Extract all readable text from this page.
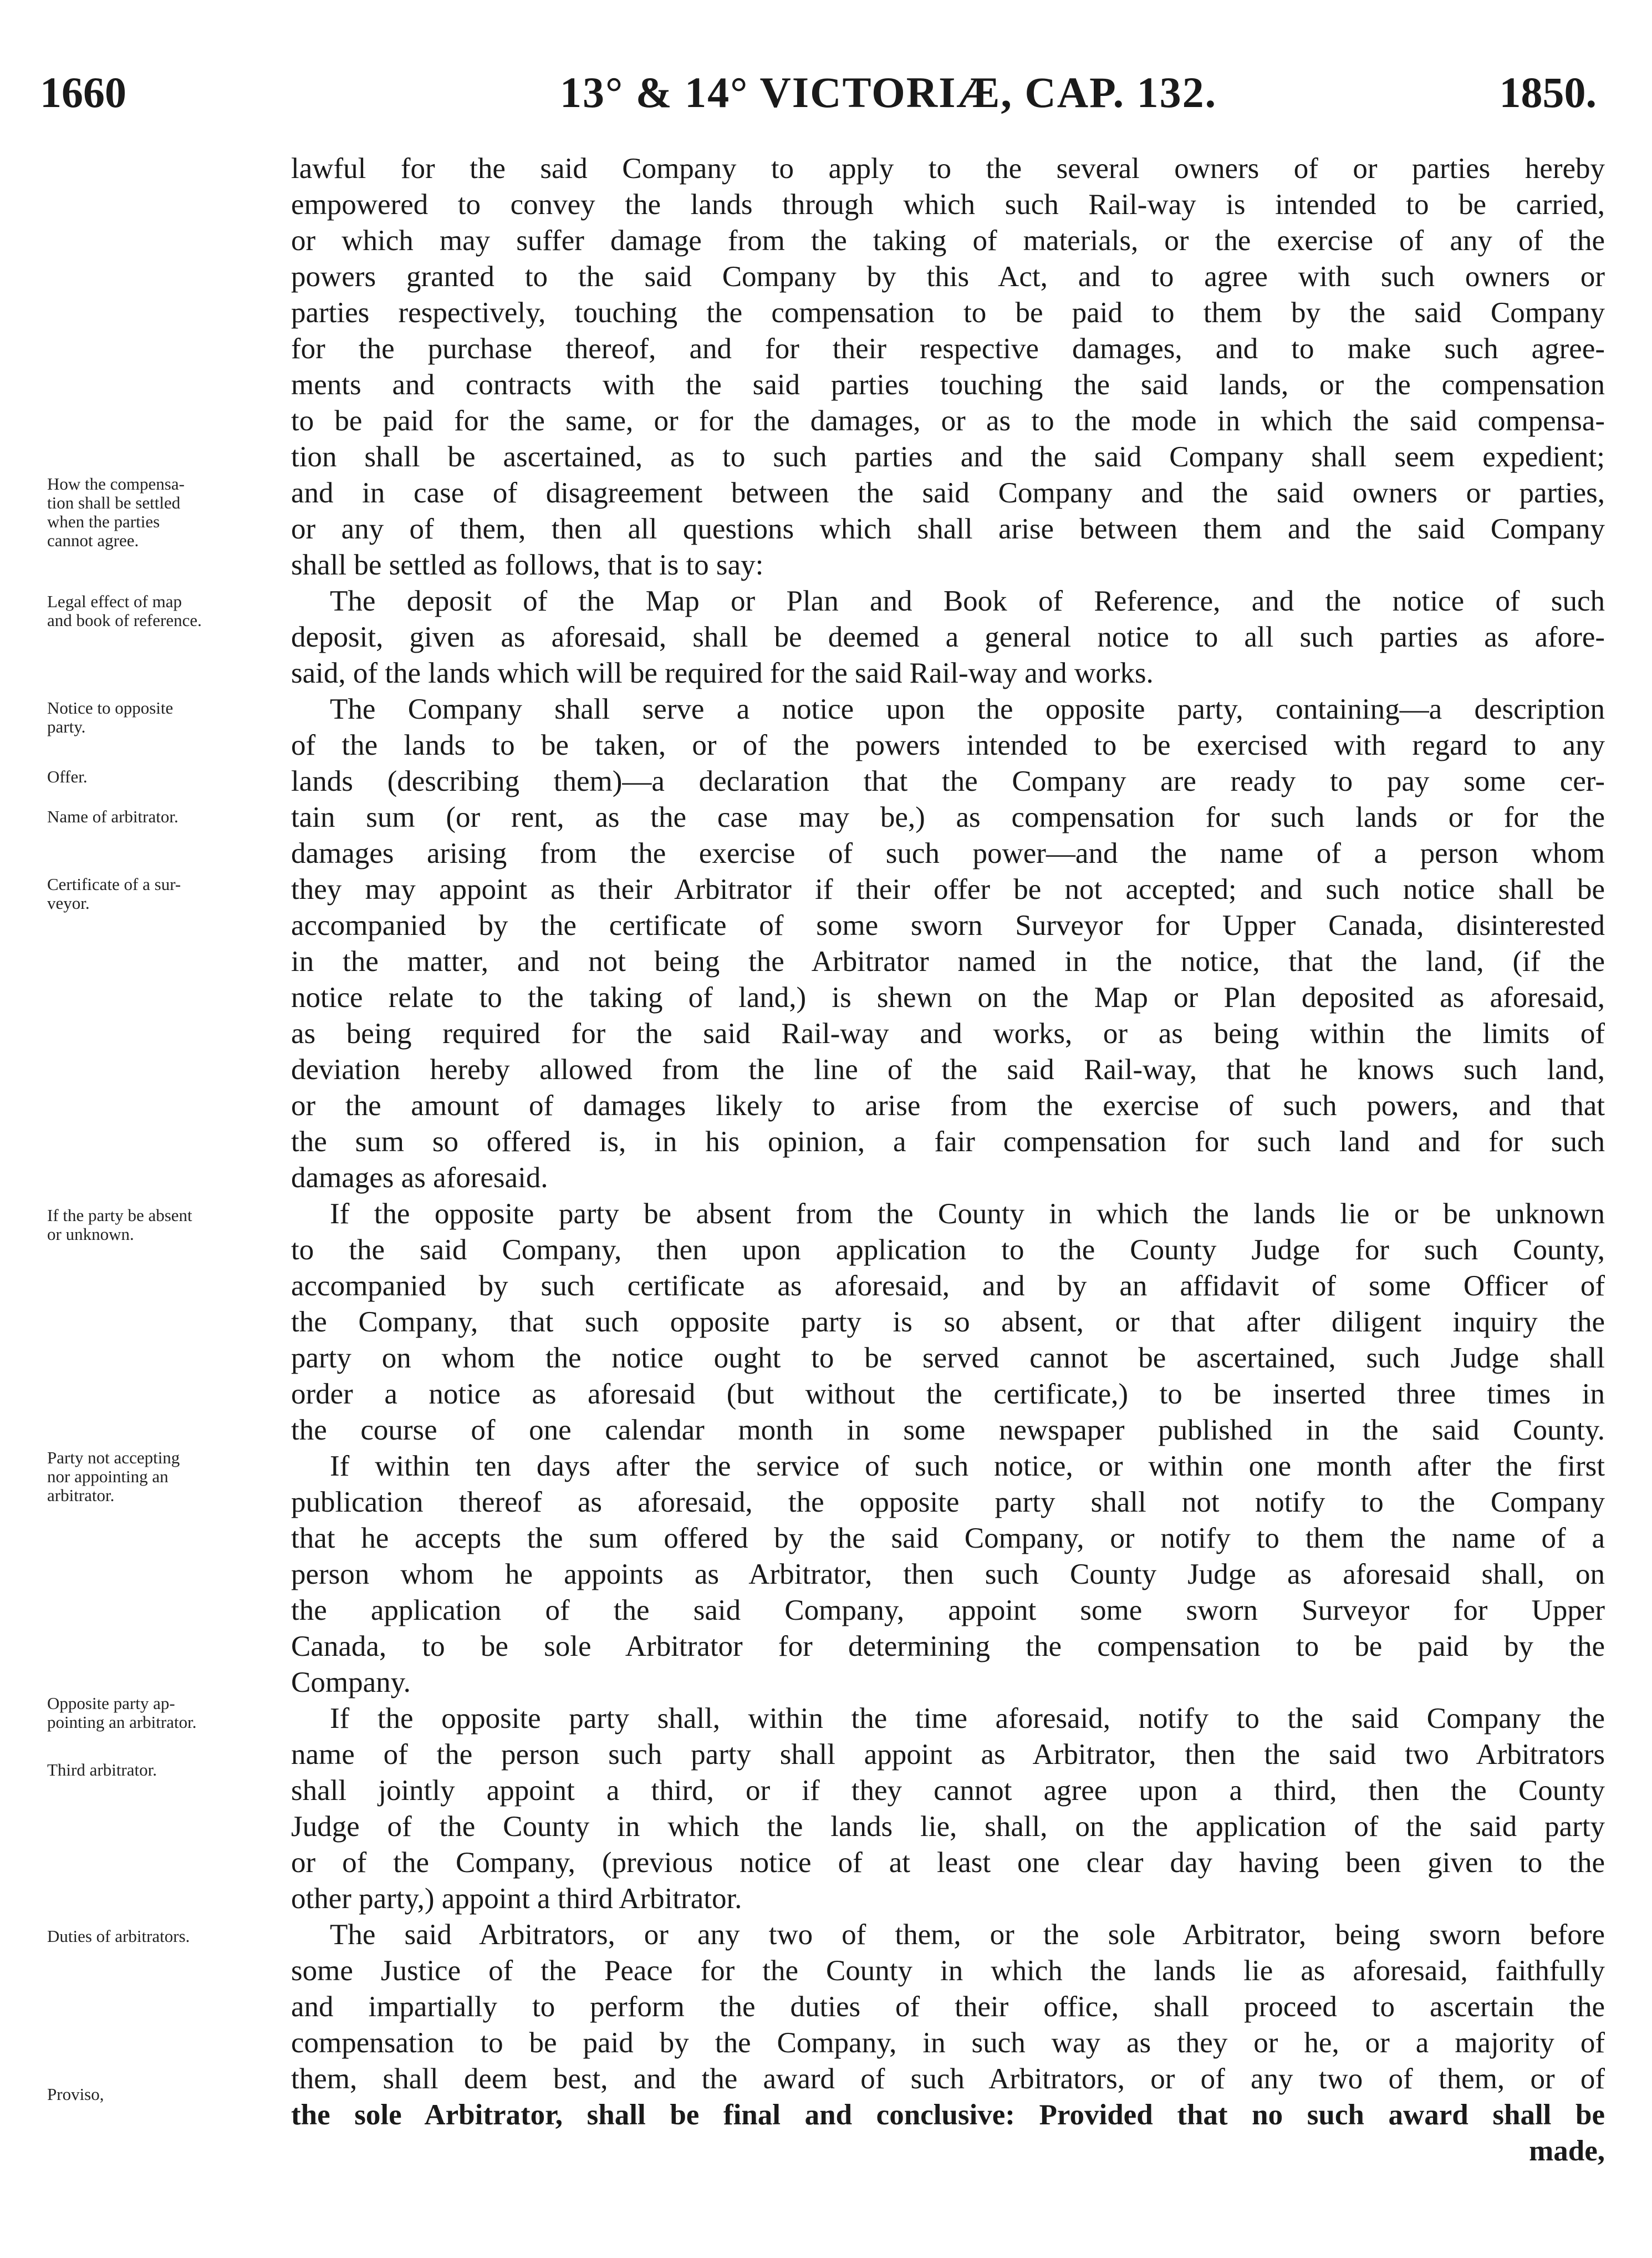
1660	13° & 14° VICTORIÆ, CAP. 132.	1850.
How the compensa-
tion shall be settled
when the parties
cannot agree.
Legal effect of map
and book of reference.
Notice to opposite
party.
Offer.
Name of arbitrator.
Certificate of a sur-
veyor.
If the party be absent
or unknown.
Party not accepting
nor appointing an
arbitrator.
Opposite party ap-
pointing an arbitrator.
Third arbitrator.
Duties of arbitrators.
Proviso,
lawful for the said Company to apply to the several owners of or parties hereby
empowered to convey the lands through which such Rail-way is intended to be carried,
or which may suffer damage from the taking of materials, or the exercise of any of the
powers granted to the said Company by this Act, and to agree with such owners or
parties respectively, touching the compensation to be paid to them by the said Company
for the purchase thereof, and for their respective damages, and to make such agree-
ments and contracts with the said parties touching the said lands, or the compensation
to be paid for the same, or for the damages, or as to the mode in which the said compensa-
tion shall be ascertained, as to such parties and the said Company shall seem expedient;
and in case of disagreement between the said Company and the said owners or parties,
or any of them, then all questions which shall arise between them and the said Company
shall be settled as follows, that is to say:
The deposit of the Map or Plan and Book of Reference, and the notice of such
deposit, given as aforesaid, shall be deemed a general notice to all such parties as afore-
said, of the lands which will be required for the said Rail-way and works.
The Company shall serve a notice upon the opposite party, containing—a description
of the lands to be taken, or of the powers intended to be exercised with regard to any
lands (describing them)—a declaration that the Company are ready to pay some cer-
tain sum (or rent, as the case may be,) as compensation for such lands or for the
damages arising from the exercise of such power—and the name of a person whom
they may appoint as their Arbitrator if their offer be not accepted; and such notice shall be
accompanied by the certificate of some sworn Surveyor for Upper Canada, disinterested
in the matter, and not being the Arbitrator named in the notice, that the land, (if the
notice relate to the taking of land,) is shewn on the Map or Plan deposited as aforesaid,
as being required for the said Rail-way and works, or as being within the limits of
deviation hereby allowed from the line of the said Rail-way, that he knows such land,
or the amount of damages likely to arise from the exercise of such powers, and that
the sum so offered is, in his opinion, a fair compensation for such land and for such
damages as aforesaid.
If the opposite party be absent from the County in which the lands lie or be unknown
to the said Company, then upon application to the County Judge for such County,
accompanied by such certificate as aforesaid, and by an affidavit of some Officer of
the Company, that such opposite party is so absent, or that after diligent inquiry the
party on whom the notice ought to be served cannot be ascertained, such Judge shall
order a notice as aforesaid (but without the certificate,) to be inserted three times in
the course of one calendar month in some newspaper published in the said County.
If within ten days after the service of such notice, or within one month after the first
publication thereof as aforesaid, the opposite party shall not notify to the Company
that he accepts the sum offered by the said Company, or notify to them the name of a
person whom he appoints as Arbitrator, then such County Judge as aforesaid shall, on
the application of the said Company, appoint some sworn Surveyor for Upper
Canada, to be sole Arbitrator for determining the compensation to be paid by the
Company.
If the opposite party shall, within the time aforesaid, notify to the said Company the
name of the person such party shall appoint as Arbitrator, then the said two Arbitrators
shall jointly appoint a third, or if they cannot agree upon a third, then the County
Judge of the County in which the lands lie, shall, on the application of the said party
or of the Company, (previous notice of at least one clear day having been given to the
other party,) appoint a third Arbitrator.
The said Arbitrators, or any two of them, or the sole Arbitrator, being sworn before
some Justice of the Peace for the County in which the lands lie as aforesaid, faithfully
and impartially to perform the duties of their office, shall proceed to ascertain the
compensation to be paid by the Company, in such way as they or he, or a majority of
them, shall deem best, and the award of such Arbitrators, or of any two of them, or of
the sole Arbitrator, shall be final and conclusive: Provided that no such award shall be
made,
